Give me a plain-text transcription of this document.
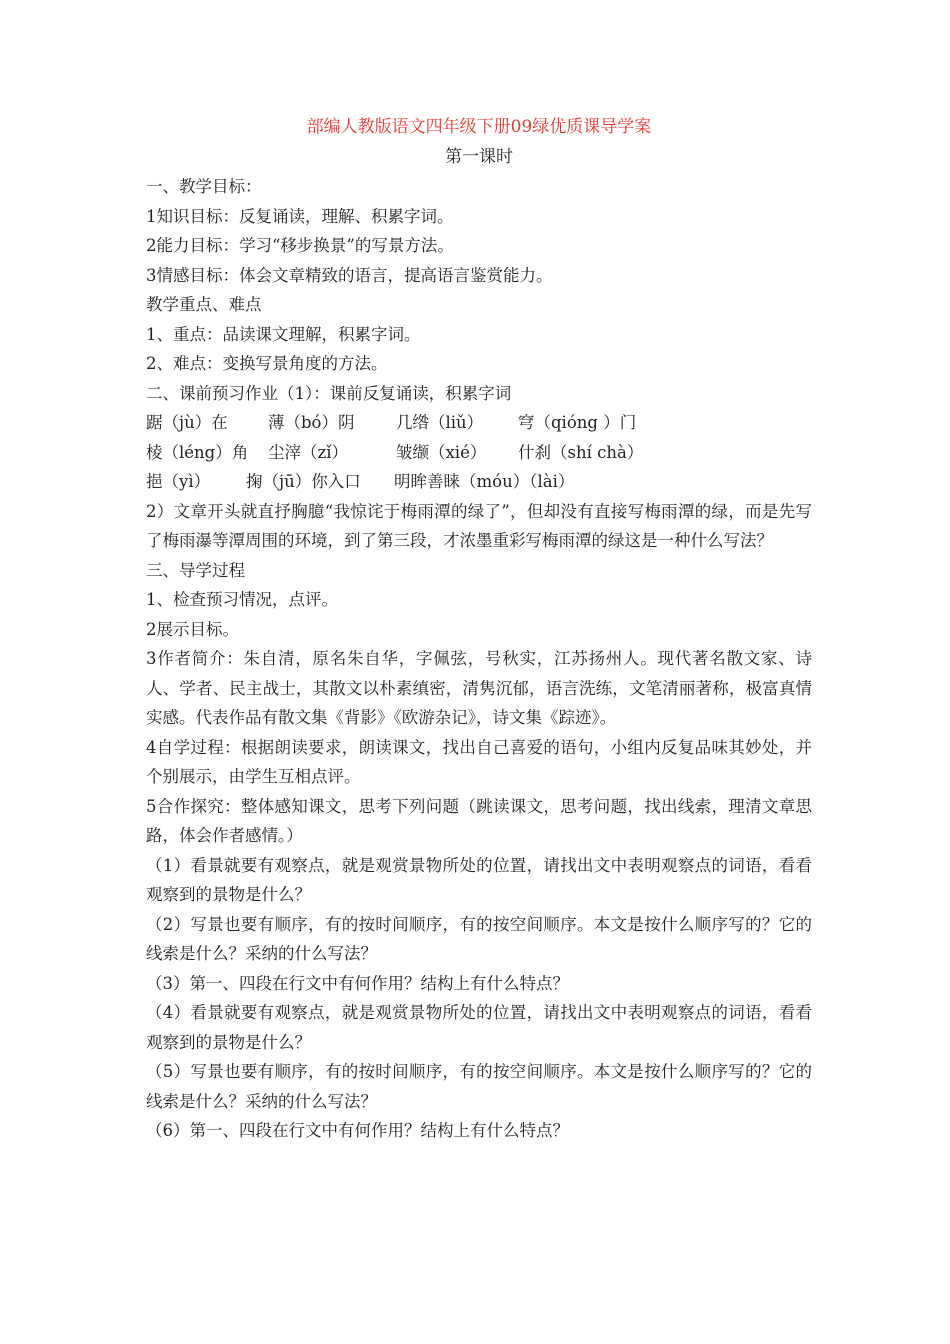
部编人教版语文四年级下册09绿优质课导学案

第一课时

一、教学目标：

1知识目标：反复诵读，理解、积累字词。

2能力目标：学习“移步换景”的写景方法。

3情感目标：体会文章精致的语言，提高语言鉴赏能力。

教学重点、难点

1、重点：品读课文理解，积累字词。

2、难点：变换写景角度的方法。

二、课前预习作业（1）：课前反复诵读，积累字词

踞（jù）在 薄（bó）阴	几绺（liǔ） 穹（qióng ）门

棱（léng）角 尘滓（zǐ）	皱缬（xié） 什刹（shí chà）

挹（yì） 掬（jū）你入口 明眸善睐（móu）（lài）

2）文章开头就直抒胸臆“我惊诧于梅雨潭的绿了”，但却没有直接写梅雨潭的绿，而是先写了梅雨瀑等潭周围的环境，到了第三段，才浓墨重彩写梅雨潭的绿这是一种什么写法？

三、导学过程

1、检查预习情况，点评。

2展示目标。

3作者简介：朱自清，原名朱自华，字佩弦，号秋实，江苏扬州人。现代著名散文家、诗人、学者、民主战士，其散文以朴素缜密，清隽沉郁，语言洗练，文笔清丽著称，极富真情实感。代表作品有散文集《背影》《欧游杂记》，诗文集《踪迹》。

4自学过程：根据朗读要求，朗读课文，找出自己喜爱的语句，小组内反复品味其妙处，并个别展示，由学生互相点评。

5合作探究：整体感知课文，思考下列问题（跳读课文，思考问题，找出线索，理清文章思路，体会作者感情。）

（1）看景就要有观察点，就是观赏景物所处的位置，请找出文中表明观察点的词语，看看观察到的景物是什么？

（2）写景也要有顺序，有的按时间顺序，有的按空间顺序。本文是按什么顺序写的？它的线索是什么？采纳的什么写法？

（3）第一、四段在行文中有何作用？结构上有什么特点？

（4）看景就要有观察点，就是观赏景物所处的位置，请找出文中表明观察点的词语，看看观察到的景物是什么？

（5）写景也要有顺序，有的按时间顺序，有的按空间顺序。本文是按什么顺序写的？它的线索是什么？采纳的什么写法？

（6）第一、四段在行文中有何作用？结构上有什么特点？
